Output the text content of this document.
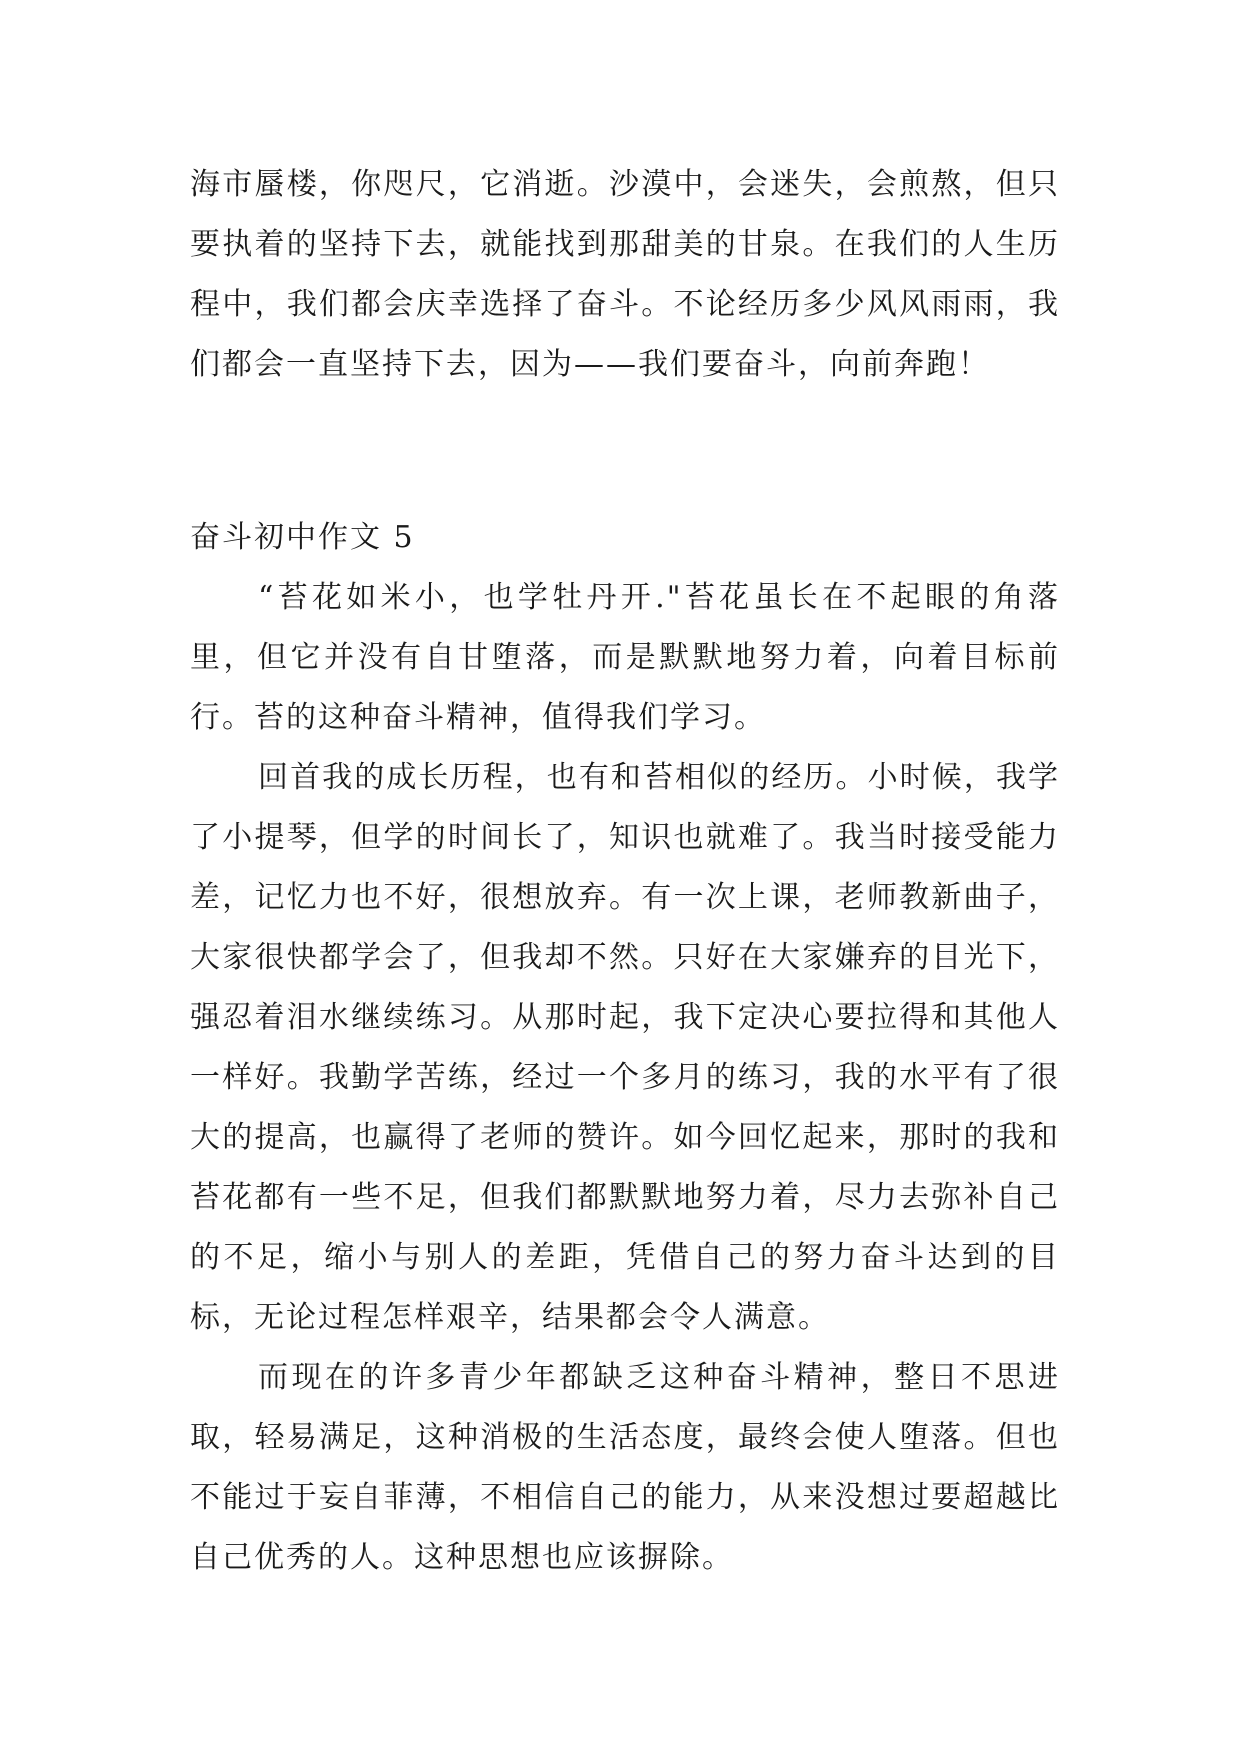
海市蜃楼，你咫尺，它消逝。沙漠中，会迷失，会煎熬，但只要执着的坚持下去，就能找到那甜美的甘泉。在我们的人生历程中，我们都会庆幸选择了奋斗。不论经历多少风风雨雨，我们都会一直坚持下去，因为——我们要奋斗，向前奔跑！
奋斗初中作文 5

“苔花如米小，也学牡丹开."苔花虽长在不起眼的角落里，但它并没有自甘堕落，而是默默地努力着，向着目标前行。苔的这种奋斗精神，值得我们学习。

回首我的成长历程，也有和苔相似的经历。小时候，我学了小提琴，但学的时间长了，知识也就难了。我当时接受能力差，记忆力也不好，很想放弃。有一次上课，老师教新曲子，大家很快都学会了，但我却不然。只好在大家嫌弃的目光下，强忍着泪水继续练习。从那时起，我下定决心要拉得和其他人一样好。我勤学苦练，经过一个多月的练习，我的水平有了很大的提高，也赢得了老师的赞许。如今回忆起来，那时的我和苔花都有一些不足，但我们都默默地努力着，尽力去弥补自己的不足，缩小与别人的差距，凭借自己的努力奋斗达到的目标，无论过程怎样艰辛，结果都会令人满意。

而现在的许多青少年都缺乏这种奋斗精神，整日不思进取，轻易满足，这种消极的生活态度，最终会使人堕落。但也不能过于妄自菲薄，不相信自己的能力，从来没想过要超越比自己优秀的人。这种思想也应该摒除。
